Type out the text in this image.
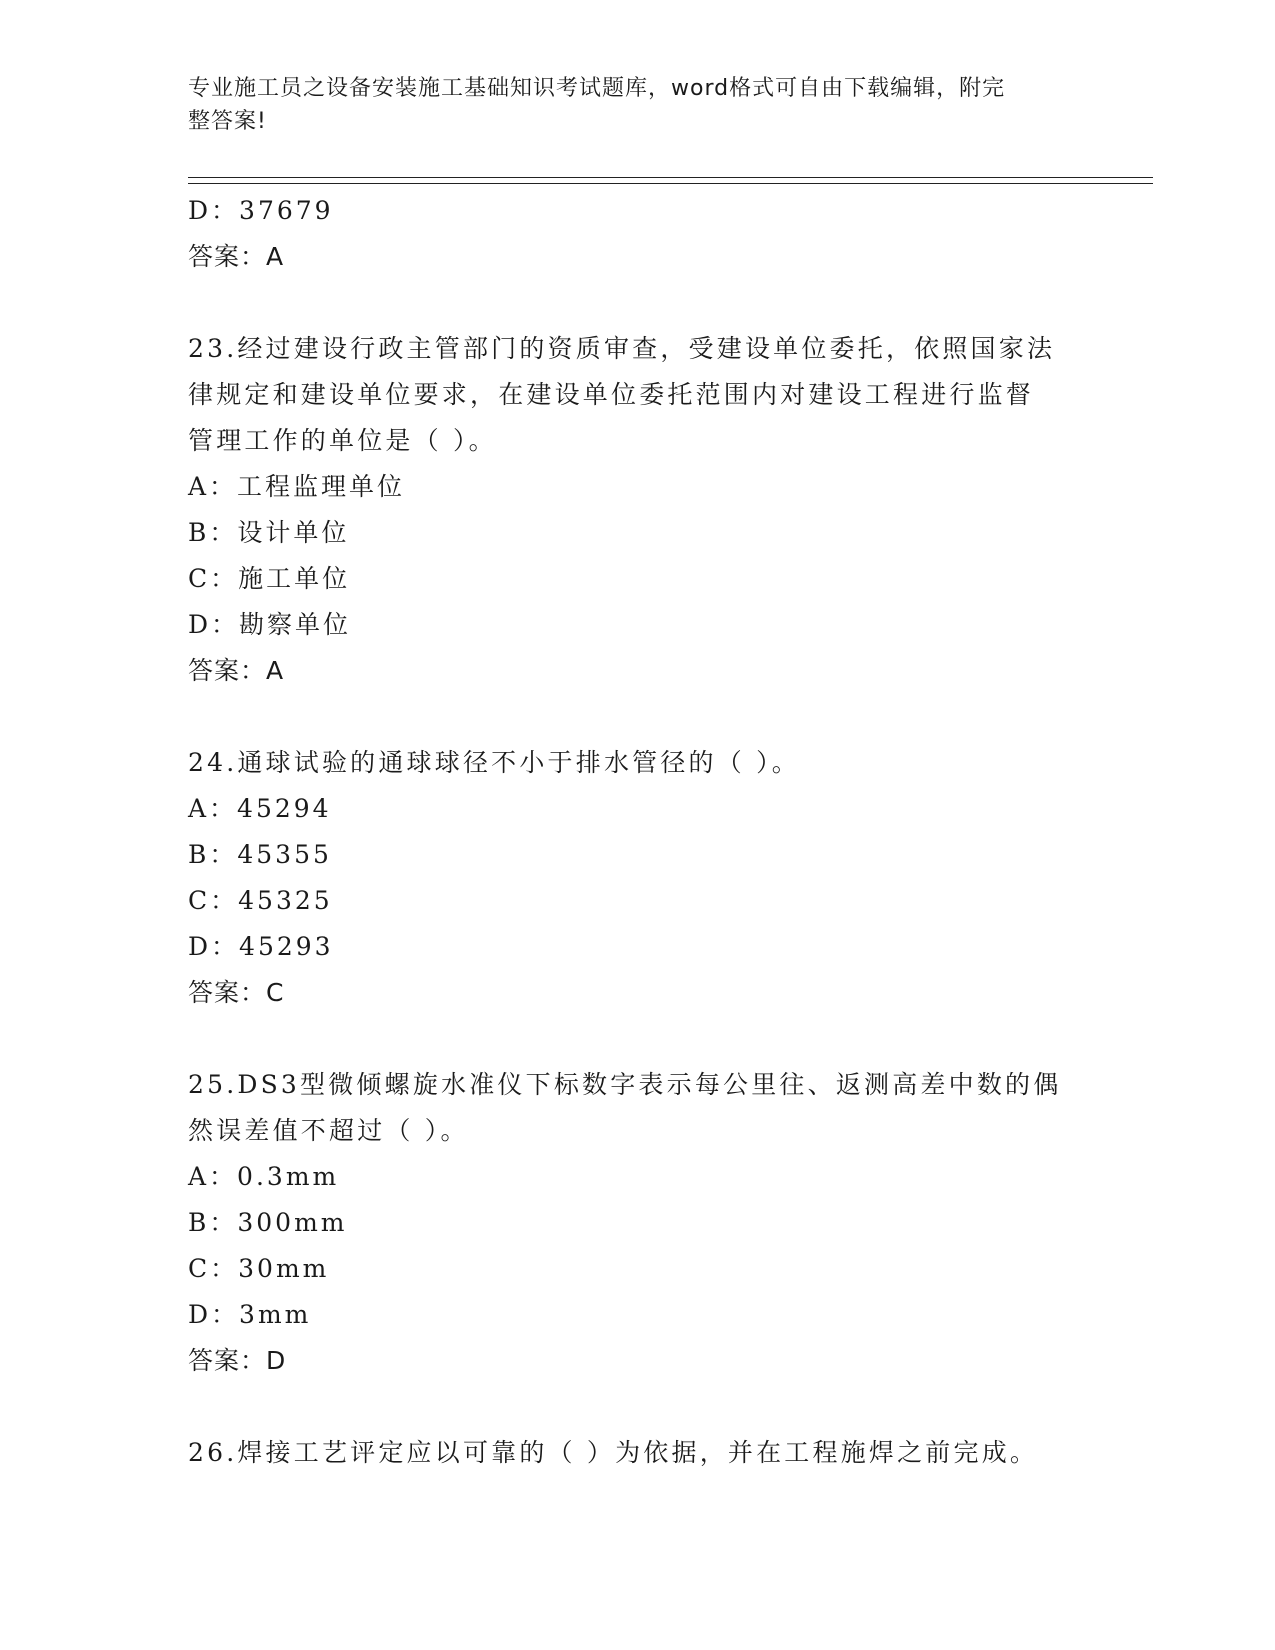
专业施工员之设备安装施工基础知识考试题库，word格式可自由下载编辑，附完
整答案!
D：37679
答案：A
23.经过建设行政主管部门的资质审查，受建设单位委托，依照国家法
律规定和建设单位要求，在建设单位委托范围内对建设工程进行监督
管理工作的单位是（ ）。
A：工程监理单位
B：设计单位
C：施工单位
D：勘察单位
答案：A
24.通球试验的通球球径不小于排水管径的（ ）。
A：45294
B：45355
C：45325
D：45293
答案：C
25.DS3型微倾螺旋水准仪下标数字表示每公里往、返测高差中数的偶
然误差值不超过（ ）。
A：0.3mm
B：300mm
C：30mm
D：3mm
答案：D
26.焊接工艺评定应以可靠的（ ）为依据，并在工程施焊之前完成。
